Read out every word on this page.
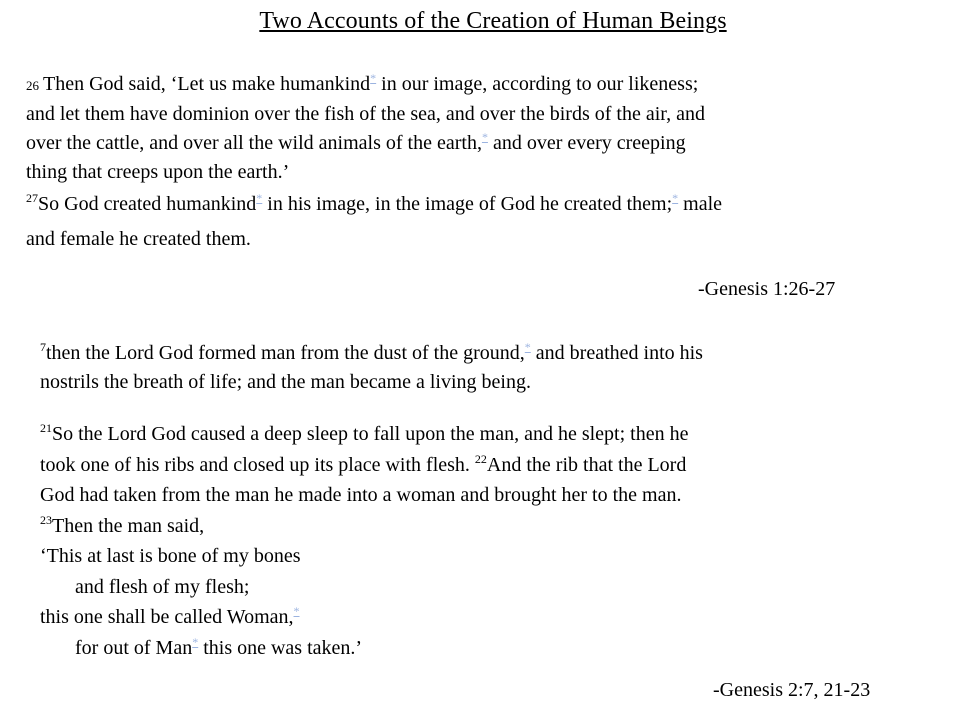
Two Accounts of the Creation of Human Beings

26 Then God said, ‘Let us make humankind* in our image, according to our likeness;

and let them have dominion over the fish of the sea, and over the birds of the air, and

over the cattle, and over all the wild animals of the earth,* and over every creeping

thing that creeps upon the earth.’

$^{27}$So God created humankind* in his image, in the image of God he created them;* male

and female he created them.

-Genesis 1:26-27

$^7$then the Lord God formed man from the dust of the ground,* and breathed into his

nostrils the breath of life; and the man became a living being.

$^{21}$So the Lord God caused a deep sleep to fall upon the man, and he slept; then he

took one of his ribs and closed up its place with flesh. $^{22}$And the rib that the Lord

God had taken from the man he made into a woman and brought her to the man.

$^{23}$Then the man said,

‘This at last is bone of my bones

and flesh of my flesh;

this one shall be called Woman,*

for out of Man* this one was taken.’

-Genesis 2:7, 21-23
